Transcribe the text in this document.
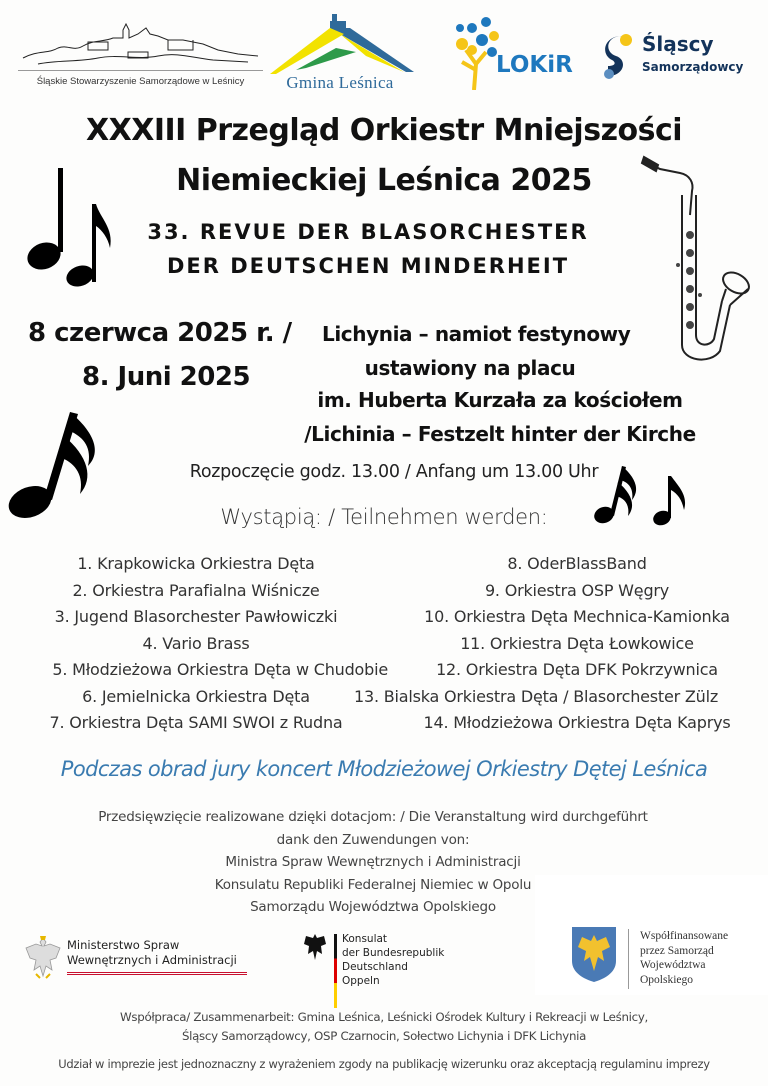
Śląskie Stowarzyszenie Samorządowe w Leśnicy	Gmina Leśnica
LOKiR
Śląscy
Samorządowcy
XXXIII Przegląd Orkiestr Mniejszości
Niemieckiej Leśnica 2025
33. REVUE DER BLASORCHESTER
DER DEUTSCHEN MINDERHEIT
8 czerwca 2025 r. /
8. Juni 2025
Lichynia – namiot festynowy
ustawiony na placu
im. Huberta Kurzała za kościołem
/Lichinia – Festzelt hinter der Kirche
Rozpoczęcie godz. 13.00 / Anfang um 13.00 Uhr
Wystąpią: / Teilnehmen werden:
1. Krapkowicka Orkiestra Dęta
2. Orkiestra Parafialna Wiśnicze
3. Jugend Blasorchester Pawłowiczki
4. Vario Brass
5. Młodzieżowa Orkiestra Dęta w Chudobie
6. Jemielnicka Orkiestra Dęta
7. Orkiestra Dęta SAMI SWOI z Rudna
8. OderBlassBand
9. Orkiestra OSP Węgry
10. Orkiestra Dęta Mechnica-Kamionka
11. Orkiestra Dęta Łowkowice
12. Orkiestra Dęta DFK Pokrzywnica
13. Bialska Orkiestra Dęta / Blasorchester Zülz
14. Młodzieżowa Orkiestra Dęta Kaprys
Podczas obrad jury koncert Młodzieżowej Orkiestry Dętej Leśnica
Przedsięwzięcie realizowane dzięki dotacjom: / Die Veranstaltung wird durchgeführt
dank den Zuwendungen von:
Ministra Spraw Wewnętrznych i Administracji
Konsulatu Republiki Federalnej Niemiec w Opolu
Samorządu Województwa Opolskiego
Ministerstwo Spraw
Wewnętrznych i Administracji
Konsulat
der Bundesrepublik Deutschland
Oppeln
Współfinansowane
przez Samorząd
Województwa
Opolskiego
Współpraca/ Zusammenarbeit: Gmina Leśnica, Leśnicki Ośrodek Kultury i Rekreacji w Leśnicy,
Śląscy Samorządowcy, OSP Czarnocin, Sołectwo Lichynia i DFK Lichynia
Udział w imprezie jest jednoznaczny z wyrażeniem zgody na publikację wizerunku oraz akceptacją regulaminu imprezy
